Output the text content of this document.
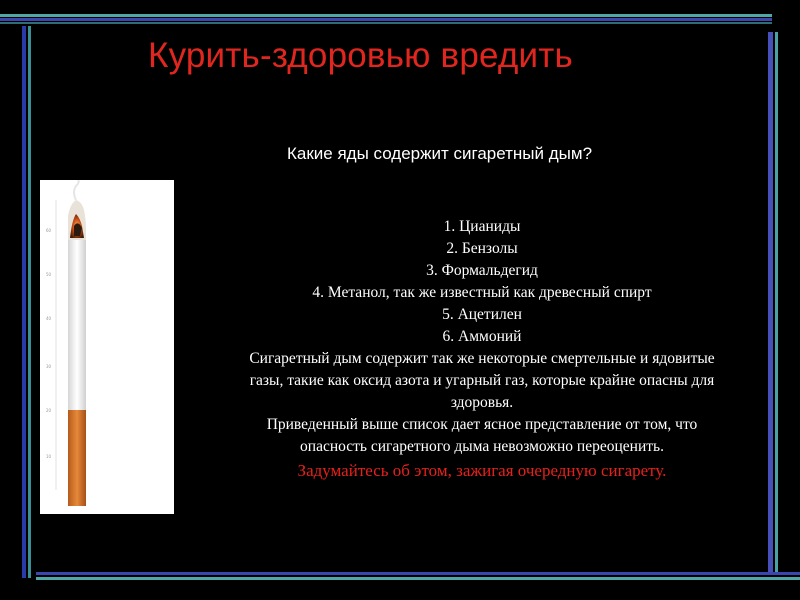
Курить-здоровью вредить
Какие яды содержит сигаретный дым?
60
50
40
30
20
10
1. Цианиды
2. Бензолы
3. Формальдегид
4. Метанол, так же известный как древесный спирт
5. Ацетилен
6. Аммоний
Сигаретный дым содержит так же некоторые смертельные и ядовитые
газы, такие как оксид азота и угарный газ, которые крайне опасны для
здоровья.
Приведенный выше список дает ясное представление от том, что
опасность сигаретного дыма невозможно переоценить.
Задумайтесь об этом, зажигая очередную сигарету.
